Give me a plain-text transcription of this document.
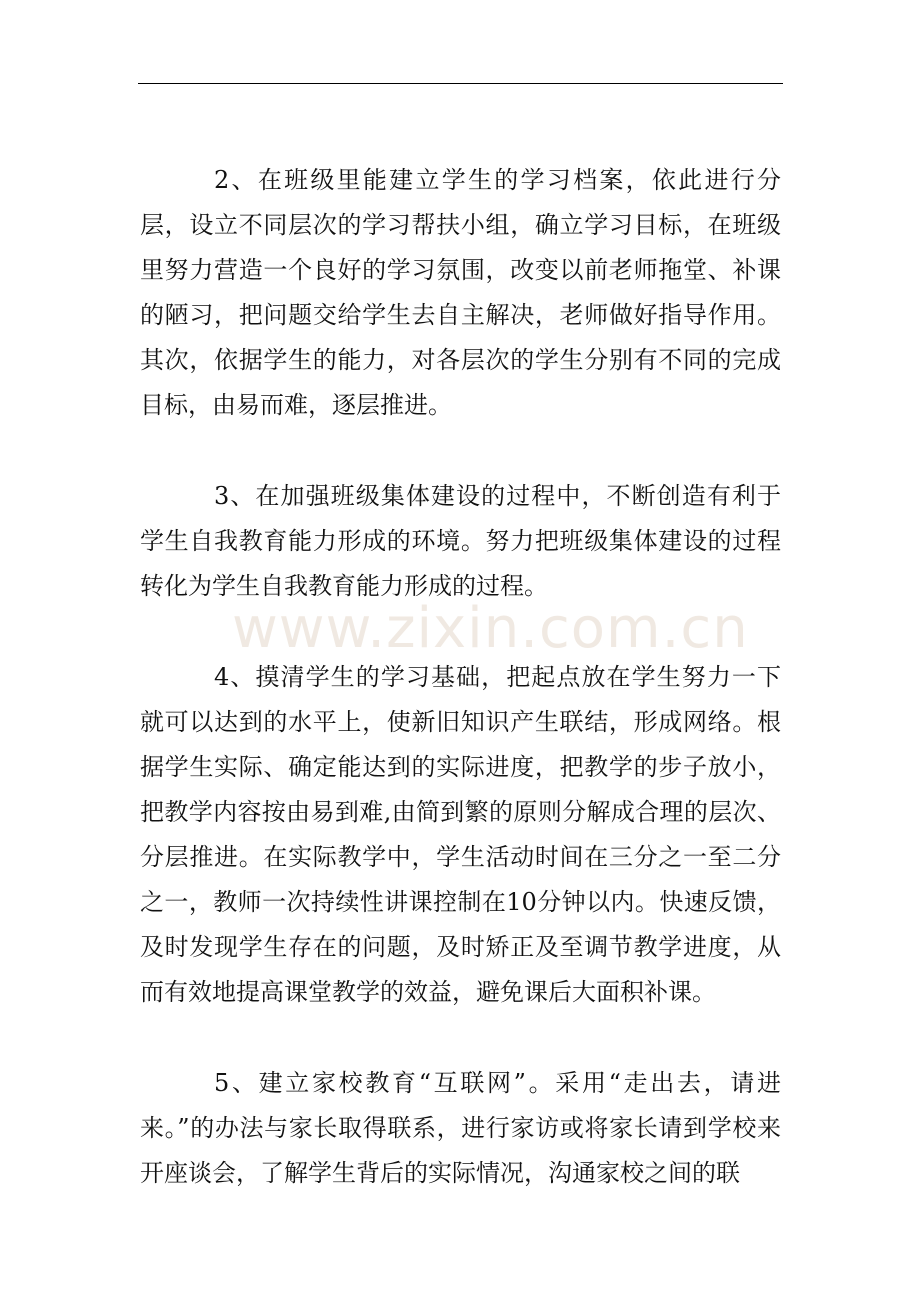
www.zixin.com.cn

2、在班级里能建立学生的学习档案，依此进行分层，设立不同层次的学习帮扶小组，确立学习目标，在班级里努力营造一个良好的学习氛围，改变以前老师拖堂、补课的陋习，把问题交给学生去自主解决，老师做好指导作用。其次，依据学生的能力，对各层次的学生分别有不同的完成目标，由易而难，逐层推进。

3、在加强班级集体建设的过程中，不断创造有利于学生自我教育能力形成的环境。努力把班级集体建设的过程转化为学生自我教育能力形成的过程。

4、摸清学生的学习基础，把起点放在学生努力一下就可以达到的水平上，使新旧知识产生联结，形成网络。根据学生实际、确定能达到的实际进度，把教学的步子放小，把教学内容按由易到难,由简到繁的原则分解成合理的层次、分层推进。在实际教学中，学生活动时间在三分之一至二分之一，教师一次持续性讲课控制在10分钟以内。快速反馈，及时发现学生存在的问题，及时矫正及至调节教学进度，从而有效地提高课堂教学的效益，避免课后大面积补课。

5、建立家校教育“互联网”。采用“走出去，请进来。”的办法与家长取得联系，进行家访或将家长请到学校来开座谈会，了解学生背后的实际情况，沟通家校之间的联
